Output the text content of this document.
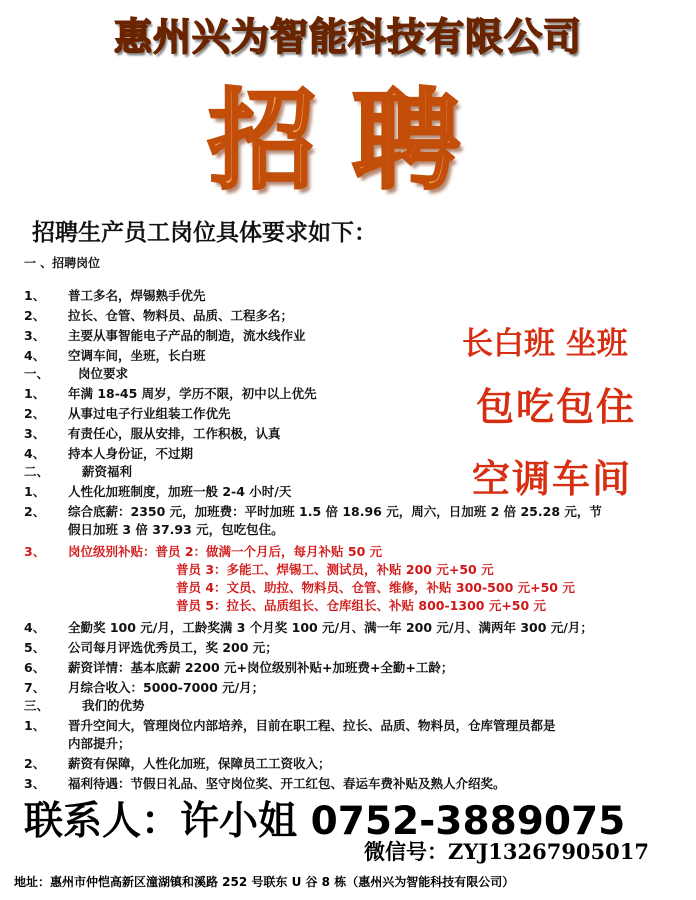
惠州兴为智能科技有限公司
招 聘
招聘生产员工岗位具体要求如下：
一 、招聘岗位
1、	普工多名，焊锡熟手优先
2、	拉长、仓管、物料员、品质、工程多名；
3、	主要从事智能电子产品的制造，流水线作业
4、	空调车间，坐班，长白班
一、	岗位要求
1、	年满 18-45 周岁，学历不限，初中以上优先
2、	从事过电子行业组装工作优先
3、	有责任心，服从安排，工作积极，认真
4、	持本人身份证，不过期
二、	薪资福利
1、	人性化加班制度，加班一般 2-4 小时/天
2、	综合底薪：2350 元，加班费：平时加班 1.5 倍 18.96 元，周六，日加班 2 倍 25.28 元，节
假日加班 3 倍 37.93 元，包吃包住。
3、	岗位级别补贴：普员 2：做满一个月后，每月补贴 50 元
普员 3：多能工、焊锡工、测试员，补贴 200 元+50 元
普员 4：文员、助拉、物料员、仓管、维修，补贴 300-500 元+50 元
普员 5：拉长、品质组长、仓库组长、补贴 800-1300 元+50 元
4、	全勤奖 100 元/月，工龄奖满 3 个月奖 100 元/月、满一年 200 元/月、满两年 300 元/月；
5、	公司每月评选优秀员工，奖 200 元；
6、	薪资详情：基本底薪 2200 元+岗位级别补贴+加班费+全勤+工龄；
7、	月综合收入：5000-7000 元/月；
三、	我们的优势
1、	晋升空间大，管理岗位内部培养，目前在职工程、拉长、品质、物料员，仓库管理员都是
内部提升；
2、	薪资有保障，人性化加班，保障员工工资收入；
3、	福利待遇：节假日礼品、坚守岗位奖、开工红包、春运车费补贴及熟人介绍奖。
长白班 坐班
包吃包住
空调车间
联系人：许小姐 0752-3889075
微信号：ZYJ13267905017
地址：惠州市仲恺高新区潼湖镇和溪路 252 号联东 U 谷 8 栋（惠州兴为智能科技有限公司）
